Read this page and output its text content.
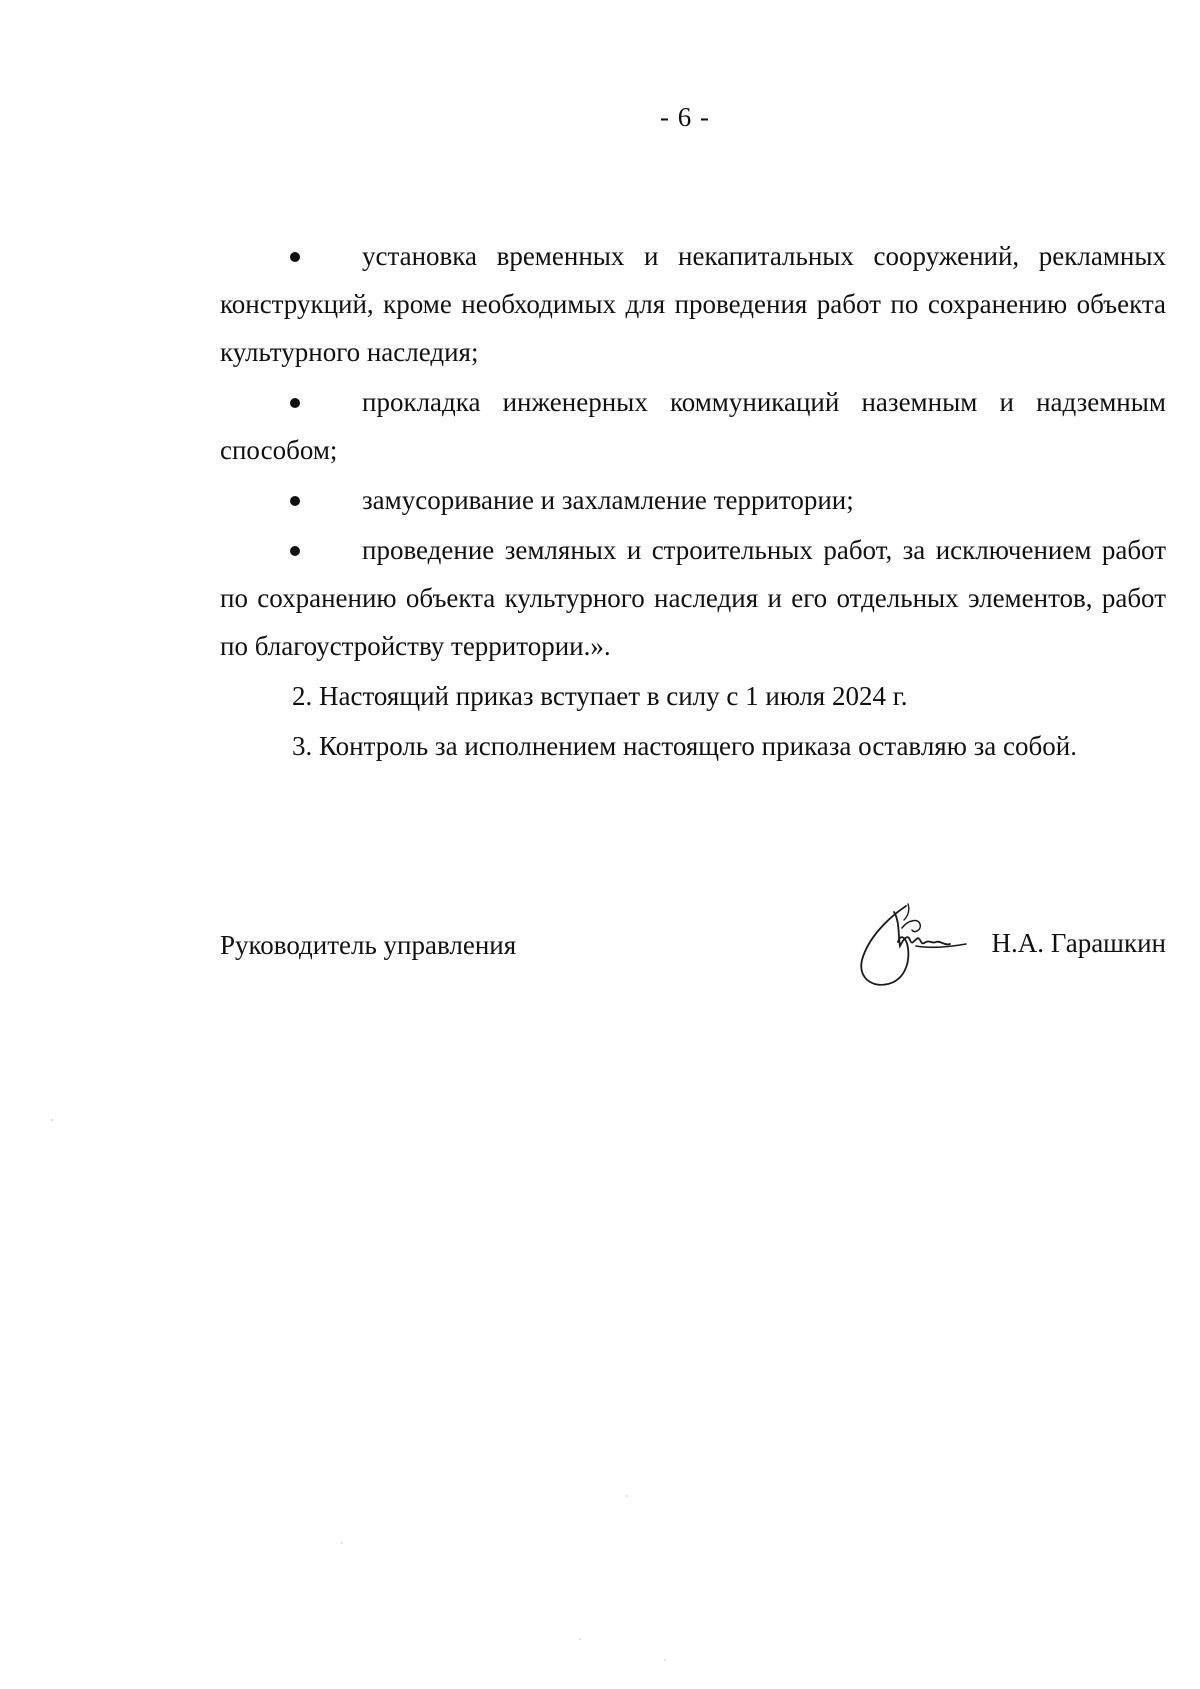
- 6 -

установка временных и некапитальных сооружений, рекламных конструкций, кроме необходимых для проведения работ по сохранению объекта культурного наследия;

прокладка инженерных коммуникаций наземным и надземным способом;

замусоривание и захламление территории;

проведение земляных и строительных работ, за исключением работ по сохранению объекта культурного наследия и его отдельных элементов, работ по благоустройству территории.».

2. Настоящий приказ вступает в силу с 1 июля 2024 г.

3. Контроль за исполнением настоящего приказа оставляю за собой.

Руководитель управления	Н.А. Гарашкин
